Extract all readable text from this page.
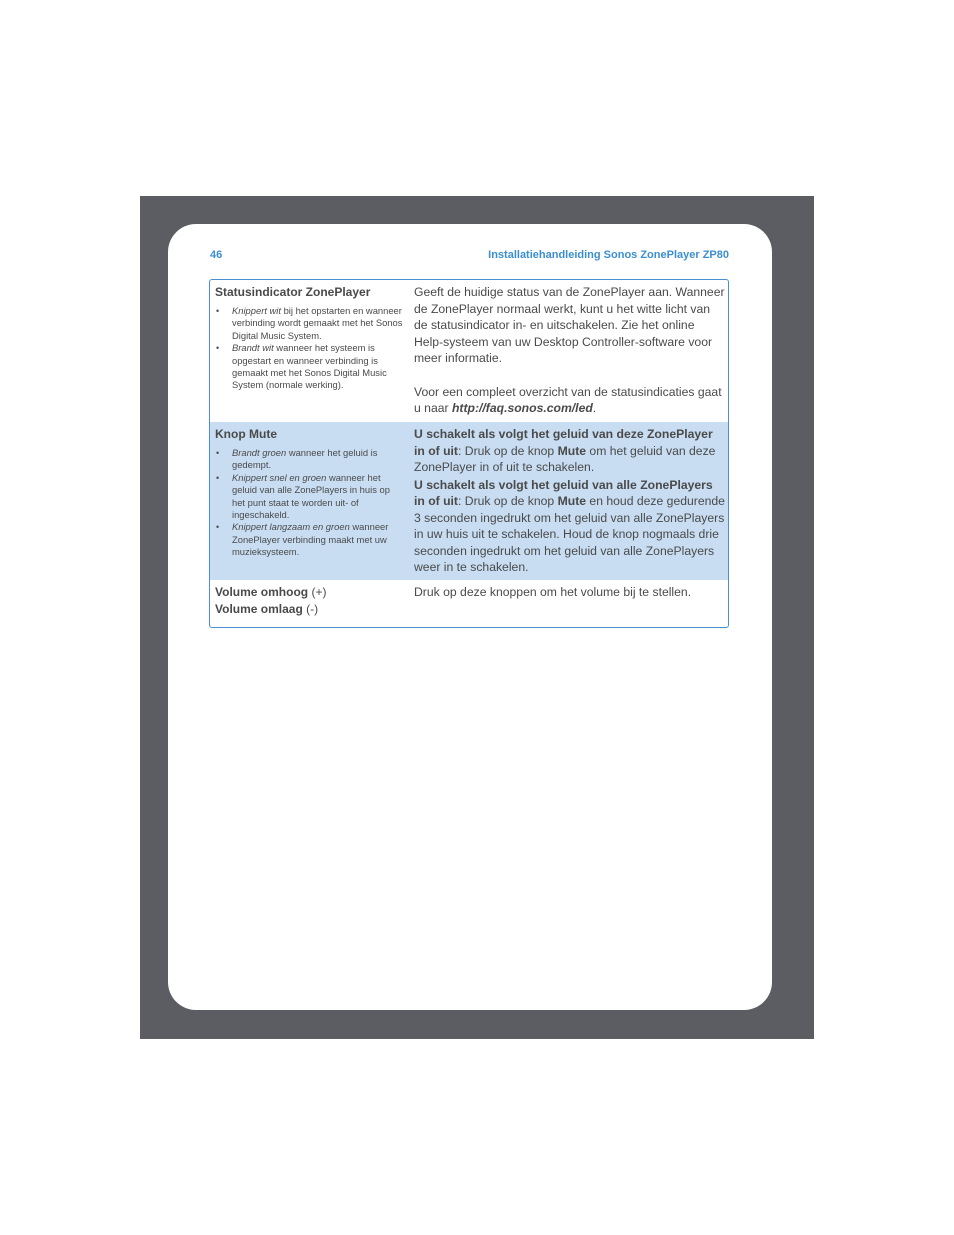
46	Installatiehandleiding Sonos ZonePlayer ZP80
Statusindicator ZonePlayer
• Knippert wit bij het opstarten en wanneer verbinding wordt gemaakt met het Sonos Digital Music System.
• Brandt wit wanneer het systeem is opgestart en wanneer verbinding is gemaakt met het Sonos Digital Music System (normale werking).

Geeft de huidige status van de ZonePlayer aan. Wanneer de ZonePlayer normaal werkt, kunt u het witte licht van de statusindicator in- en uitschakelen. Zie het online Help-systeem van uw Desktop Controller-software voor meer informatie.

Voor een compleet overzicht van de statusindicaties gaat u naar http://faq.sonos.com/led.

Knop Mute
• Brandt groen wanneer het geluid is gedempt.
• Knippert snel en groen wanneer het geluid van alle ZonePlayers in huis op het punt staat te worden uit- of ingeschakeld.
• Knippert langzaam en groen wanneer ZonePlayer verbinding maakt met uw muzieksysteem.

U schakelt als volgt het geluid van deze ZonePlayer in of uit: Druk op de knop Mute om het geluid van deze ZonePlayer in of uit te schakelen.

U schakelt als volgt het geluid van alle ZonePlayers in of uit: Druk op de knop Mute en houd deze gedurende 3 seconden ingedrukt om het geluid van alle ZonePlayers in uw huis uit te schakelen. Houd de knop nogmaals drie seconden ingedrukt om het geluid van alle ZonePlayers weer in te schakelen.

Volume omhoog (+)
Volume omlaag (-)

Druk op deze knoppen om het volume bij te stellen.
